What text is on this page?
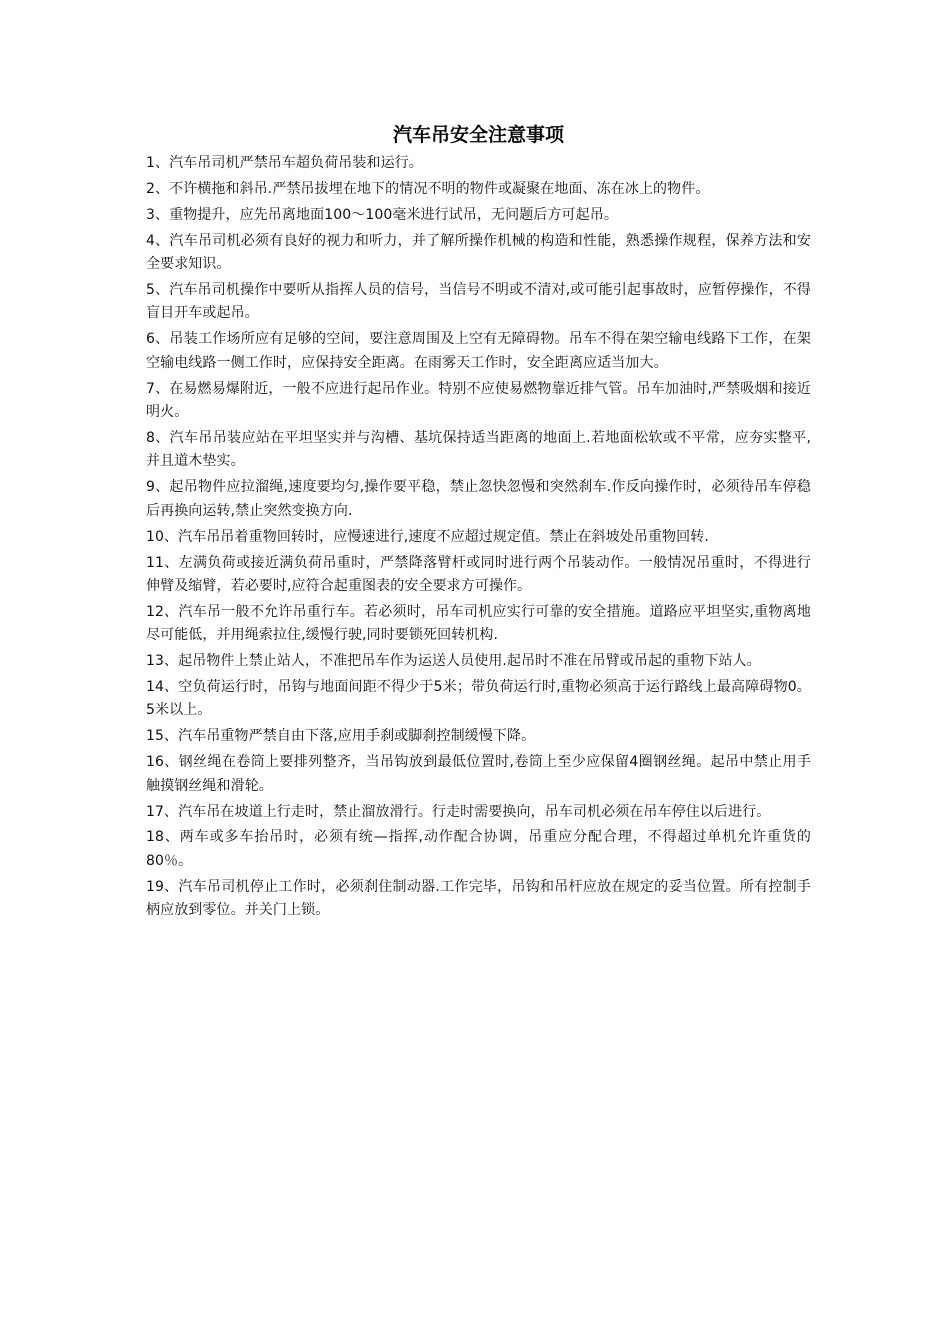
汽车吊安全注意事项
1、汽车吊司机严禁吊车超负荷吊装和运行。
2、不许横拖和斜吊.严禁吊拔埋在地下的情况不明的物件或凝聚在地面、冻在冰上的物件。
3、重物提升，应先吊离地面100～100毫米进行试吊，无问题后方可起吊。
4、汽车吊司机必须有良好的视力和听力，并了解所操作机械的构造和性能，熟悉操作规程，保养方法和安全要求知识。
5、汽车吊司机操作中要听从指挥人员的信号，当信号不明或不清对,或可能引起事故时，应暂停操作，不得盲目开车或起吊。
6、吊装工作场所应有足够的空间，要注意周围及上空有无障碍物。吊车不得在架空输电线路下工作，在架空输电线路一侧工作时，应保持安全距离。在雨雾天工作时，安全距离应适当加大。
7、在易燃易爆附近，一般不应进行起吊作业。特别不应使易燃物靠近排气管。吊车加油时,严禁吸烟和接近明火。
8、汽车吊吊装应站在平坦坚实并与沟槽、基坑保持适当距离的地面上.若地面松软或不平常，应夯实整平,并且道木垫实。
9、起吊物件应拉溜绳,速度要均匀,操作要平稳，禁止忽快忽慢和突然刹车.作反向操作时，必须待吊车停稳后再换向运转,禁止突然变换方向.
10、汽车吊吊着重物回转时，应慢速进行,速度不应超过规定值。禁止在斜坡处吊重物回转.
11、左满负荷或接近满负荷吊重时，严禁降落臂杆或同时进行两个吊装动作。一般情况吊重时，不得进行伸臂及缩臂，若必要时,应符合起重图表的安全要求方可操作。
12、汽车吊一般不允许吊重行车。若必须时，吊车司机应实行可靠的安全措施。道路应平坦坚实,重物离地尽可能低，并用绳索拉住,缓慢行驶,同时要锁死回转机构.
13、起吊物件上禁止站人，不准把吊车作为运送人员使用.起吊时不准在吊臂或吊起的重物下站人。
14、空负荷运行时，吊钩与地面间距不得少于5米；带负荷运行时,重物必须高于运行路线上最高障碍物0。5米以上。
15、汽车吊重物严禁自由下落,应用手刹或脚刹控制缓慢下降。
16、钢丝绳在卷筒上要排列整齐，当吊钩放到最低位置时,卷筒上至少应保留4圈钢丝绳。起吊中禁止用手触摸钢丝绳和滑轮。
17、汽车吊在坡道上行走时，禁止溜放滑行。行走时需要换向，吊车司机必须在吊车停住以后进行。
18、两车或多车抬吊时，必须有统—指挥,动作配合协调，吊重应分配合理，不得超过单机允许重货的80％。
19、汽车吊司机停止工作时，必须刹住制动器.工作完毕，吊钩和吊杆应放在规定的妥当位置。所有控制手柄应放到零位。并关门上锁。
